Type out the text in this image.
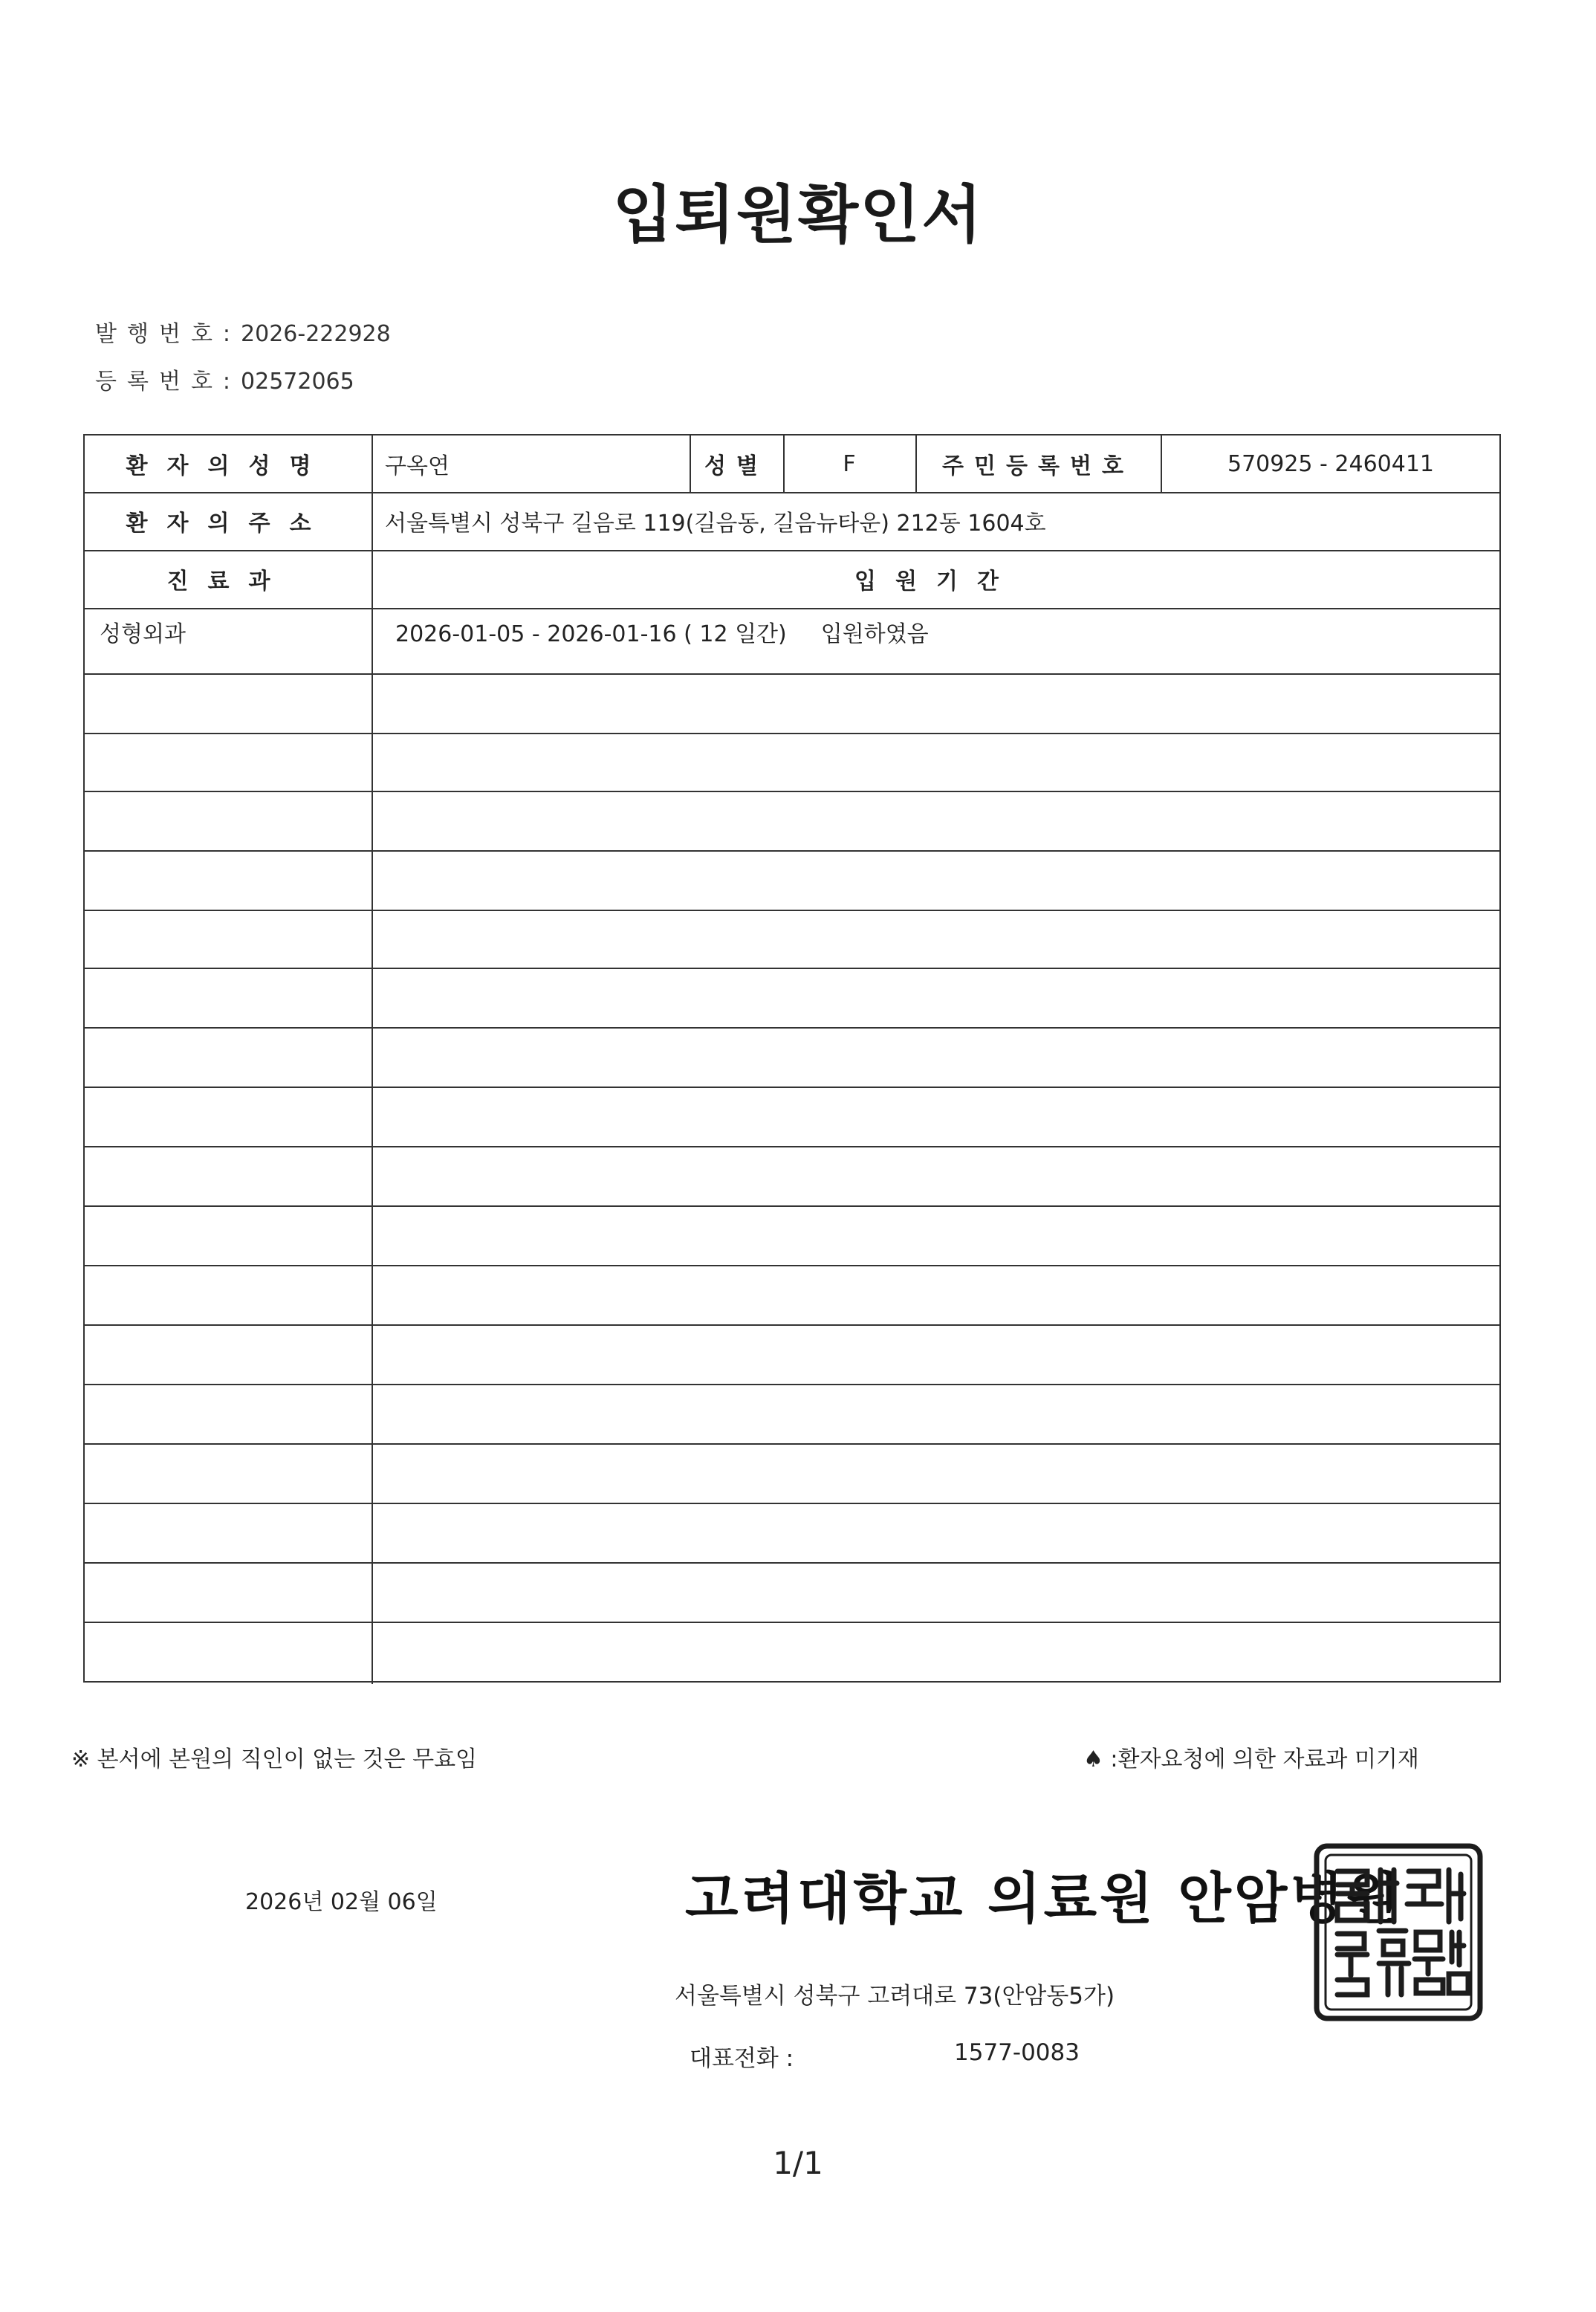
입퇴원확인서
발행번호: 2026-222928
등록번호: 02572065
환자의성명	구옥연	성별	F	주민등록번호	570925 - 2460411
환자의주소	서울특별시 성북구 길음로 119(길음동, 길음뉴타운) 212동 1604호
진료과	입원기간
성형외과	2026-01-05 - 2026-01-16 ( 12 일간) 입원하였음
※ 본서에 본원의 직인이 없는 것은 무효임	♠ :환자요청에 의한 자료과 미기재
2026년 02월 06일	고려대학교 의료원 안암병원
서울특별시 성북구 고려대로 73(안암동5가)
대표전화 :	1577-0083
1/1
